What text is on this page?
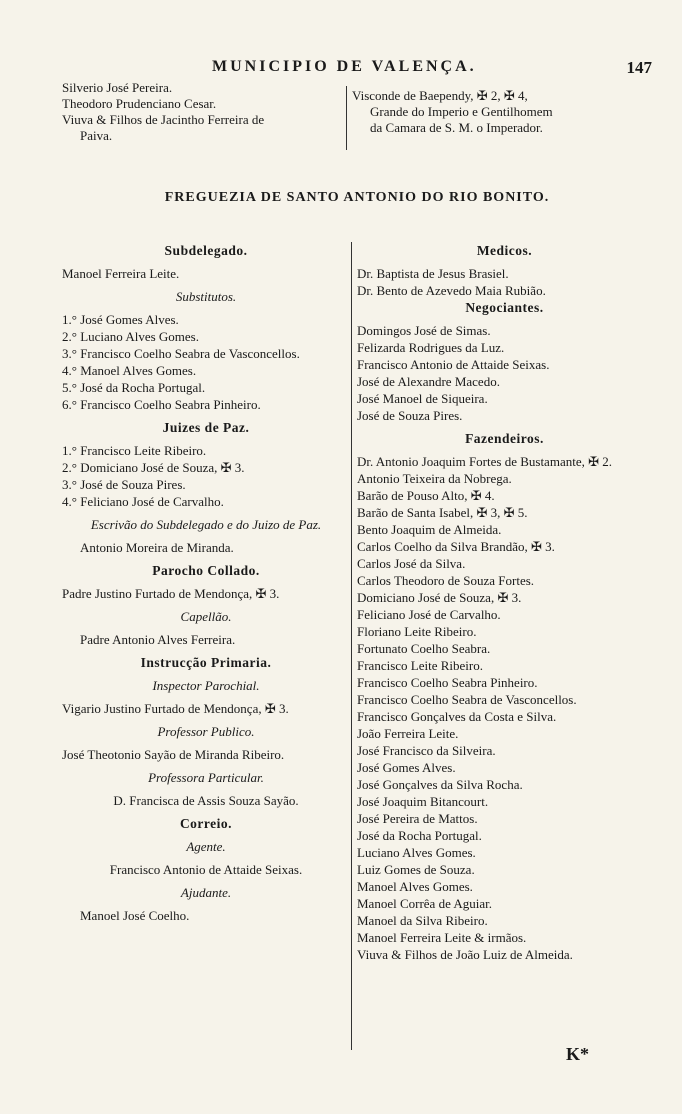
MUNICIPIO DE VALENÇA.	147

Silverio José Pereira.

Theodoro Prudenciano Cesar.

Viuva & Filhos de Jacintho Ferreira de

Paiva.

Visconde de Baependy, ✠ 2, ✠ 4,

Grande do Imperio e Gentilhomem

da Camara de S. M. o Imperador.

FREGUEZIA DE SANTO ANTONIO DO RIO BONITO.

Subdelegado.

Manoel Ferreira Leite.

Substitutos.

1.° José Gomes Alves.

2.° Luciano Alves Gomes.

3.° Francisco Coelho Seabra de Vasconcellos.

4.° Manoel Alves Gomes.

5.° José da Rocha Portugal.

6.° Francisco Coelho Seabra Pinheiro.

Juizes de Paz.

1.° Francisco Leite Ribeiro.

2.° Domiciano José de Souza, ✠ 3.

3.° José de Souza Pires.

4.° Feliciano José de Carvalho.

Escrivão do Subdelegado e do Juizo de Paz.

Antonio Moreira de Miranda.

Parocho Collado.

Padre Justino Furtado de Mendonça, ✠ 3.

Capellão.

Padre Antonio Alves Ferreira.

Instrucção Primaria.

Inspector Parochial.

Vigario Justino Furtado de Mendonça, ✠ 3.

Professor Publico.

José Theotonio Sayão de Miranda Ribeiro.

Professora Particular.

D. Francisca de Assis Souza Sayão.

Correio.

Agente.

Francisco Antonio de Attaide Seixas.

Ajudante.

Manoel José Coelho.

Medicos.

Dr. Baptista de Jesus Brasiel.

Dr. Bento de Azevedo Maia Rubião.

Negociantes.

Domingos José de Simas.

Felizarda Rodrigues da Luz.

Francisco Antonio de Attaide Seixas.

José de Alexandre Macedo.

José Manoel de Siqueira.

José de Souza Pires.

Fazendeiros.

Dr. Antonio Joaquim Fortes de Bustamante, ✠ 2.

Antonio Teixeira da Nobrega.

Barão de Pouso Alto, ✠ 4.

Barão de Santa Isabel, ✠ 3, ✠ 5.

Bento Joaquim de Almeida.

Carlos Coelho da Silva Brandão, ✠ 3.

Carlos José da Silva.

Carlos Theodoro de Souza Fortes.

Domiciano José de Souza, ✠ 3.

Feliciano José de Carvalho.

Floriano Leite Ribeiro.

Fortunato Coelho Seabra.

Francisco Leite Ribeiro.

Francisco Coelho Seabra Pinheiro.

Francisco Coelho Seabra de Vasconcellos.

Francisco Gonçalves da Costa e Silva.

João Ferreira Leite.

José Francisco da Silveira.

José Gomes Alves.

José Gonçalves da Silva Rocha.

José Joaquim Bitancourt.

José Pereira de Mattos.

José da Rocha Portugal.

Luciano Alves Gomes.

Luiz Gomes de Souza.

Manoel Alves Gomes.

Manoel Corrêa de Aguiar.

Manoel da Silva Ribeiro.

Manoel Ferreira Leite & irmãos.

Viuva & Filhos de João Luiz de Almeida.

K*
